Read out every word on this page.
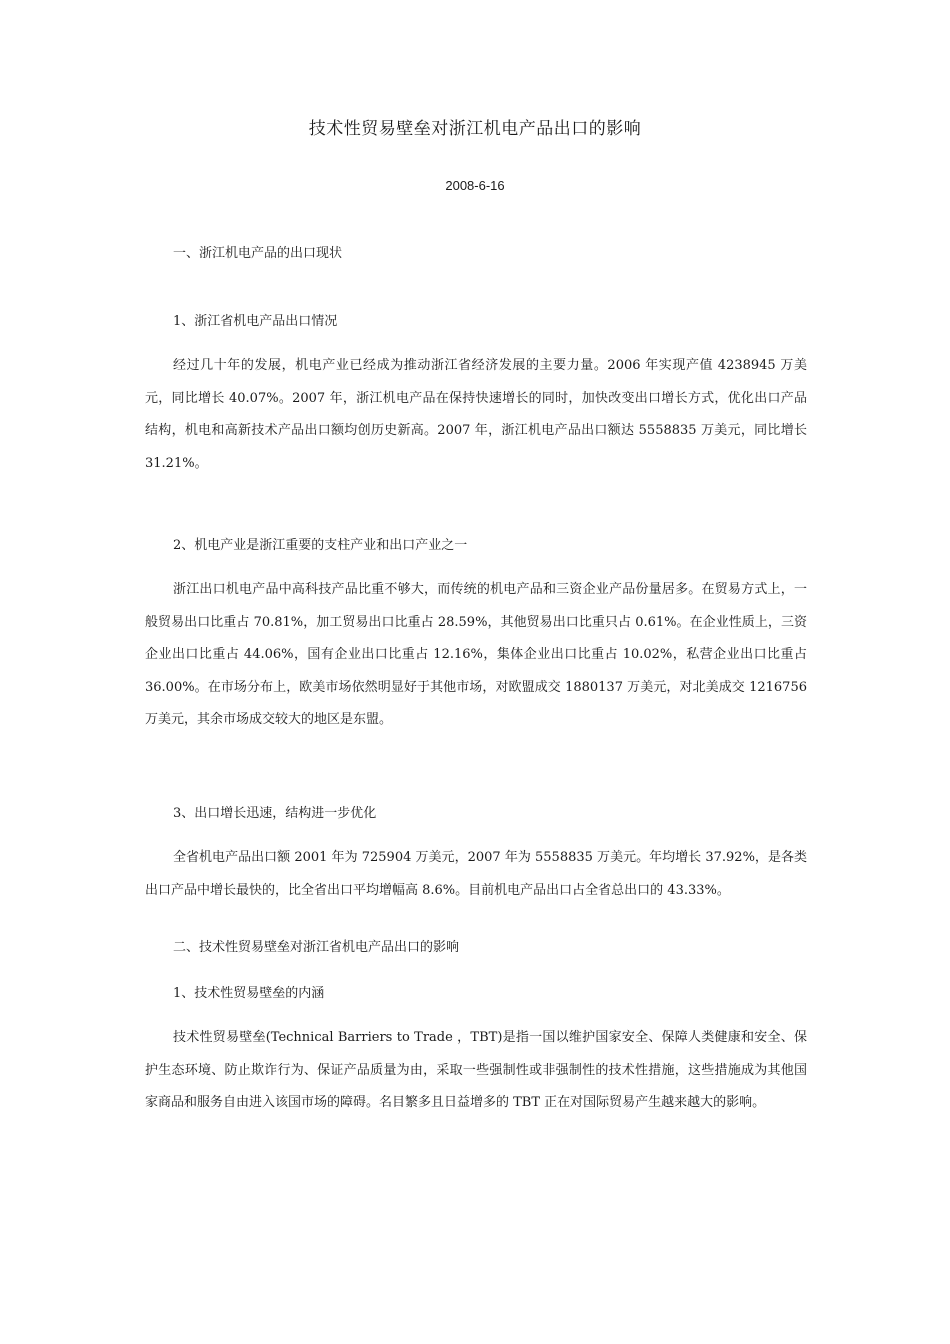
技术性贸易壁垒对浙江机电产品出口的影响
2008-6-16
一、浙江机电产品的出口现状
1、浙江省机电产品出口情况

经过几十年的发展，机电产业已经成为推动浙江省经济发展的主要力量。2006 年实现产值 4238945 万美元，同比增长 40.07%。2007 年，浙江机电产品在保持快速增长的同时，加快改变出口增长方式，优化出口产品结构，机电和高新技术产品出口额均创历史新高。2007 年，浙江机电产品出口额达 5558835 万美元，同比增长 31.21%。

2、机电产业是浙江重要的支柱产业和出口产业之一

浙江出口机电产品中高科技产品比重不够大，而传统的机电产品和三资企业产品份量居多。在贸易方式上，一般贸易出口比重占 70.81%，加工贸易出口比重占 28.59%，其他贸易出口比重只占 0.61%。在企业性质上，三资企业出口比重占 44.06%，国有企业出口比重占 12.16%，集体企业出口比重占 10.02%，私营企业出口比重占 36.00%。在市场分布上，欧美市场依然明显好于其他市场，对欧盟成交 1880137 万美元，对北美成交 1216756 万美元，其余市场成交较大的地区是东盟。

3、出口增长迅速，结构进一步优化

全省机电产品出口额 2001 年为 725904 万美元，2007 年为 5558835 万美元。年均增长 37.92%，是各类出口产品中增长最快的，比全省出口平均增幅高 8.6%。目前机电产品出口占全省总出口的 43.33%。

二、技术性贸易壁垒对浙江省机电产品出口的影响
1、技术性贸易壁垒的内涵

技术性贸易壁垒(Technical Barriers to Trade ，TBT)是指一国以维护国家安全、保障人类健康和安全、保护生态环境、防止欺诈行为、保证产品质量为由，采取一些强制性或非强制性的技术性措施，这些措施成为其他国家商品和服务自由进入该国市场的障碍。名目繁多且日益增多的 TBT 正在对国际贸易产生越来越大的影响。
